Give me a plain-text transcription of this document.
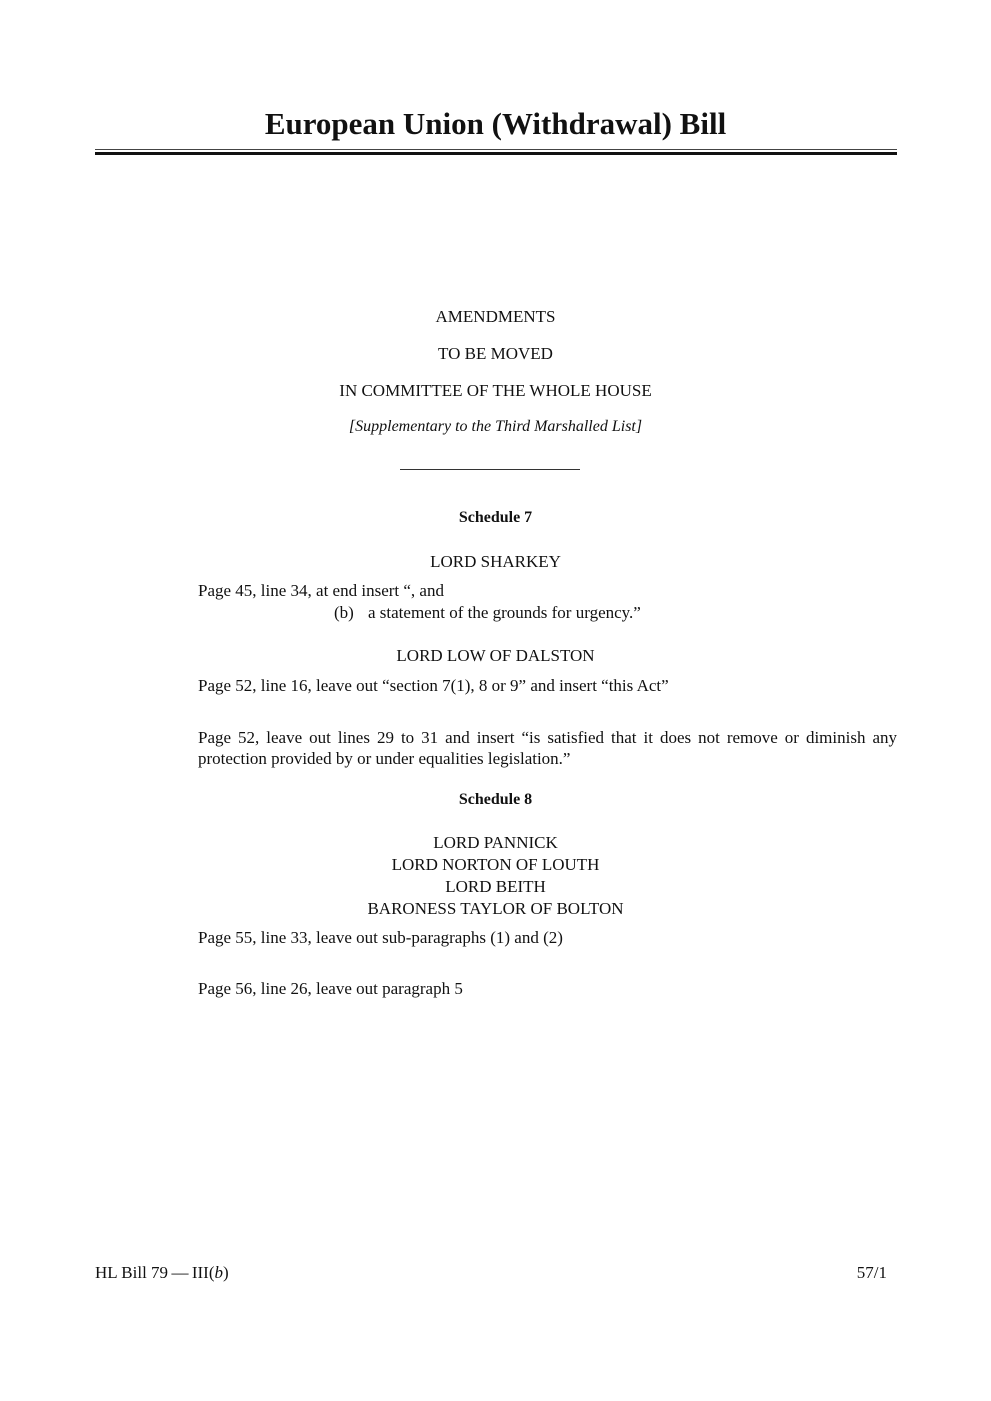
European Union (Withdrawal) Bill
AMENDMENTS
TO BE MOVED
IN COMMITTEE OF THE WHOLE HOUSE
[Supplementary to the Third Marshalled List]
Schedule 7
LORD SHARKEY
Page 45, line 34, at end insert “, and
(b) a statement of the grounds for urgency.”
LORD LOW OF DALSTON
Page 52, line 16, leave out “section 7(1), 8 or 9” and insert “this Act”
Page 52, leave out lines 29 to 31 and insert “is satisfied that it does not remove or diminish any protection provided by or under equalities legislation.”
Schedule 8
LORD PANNICK
LORD NORTON OF LOUTH
LORD BEITH
BARONESS TAYLOR OF BOLTON
Page 55, line 33, leave out sub-paragraphs (1) and (2)
Page 56, line 26, leave out paragraph 5
HL Bill 79 — III(b)	57/1
